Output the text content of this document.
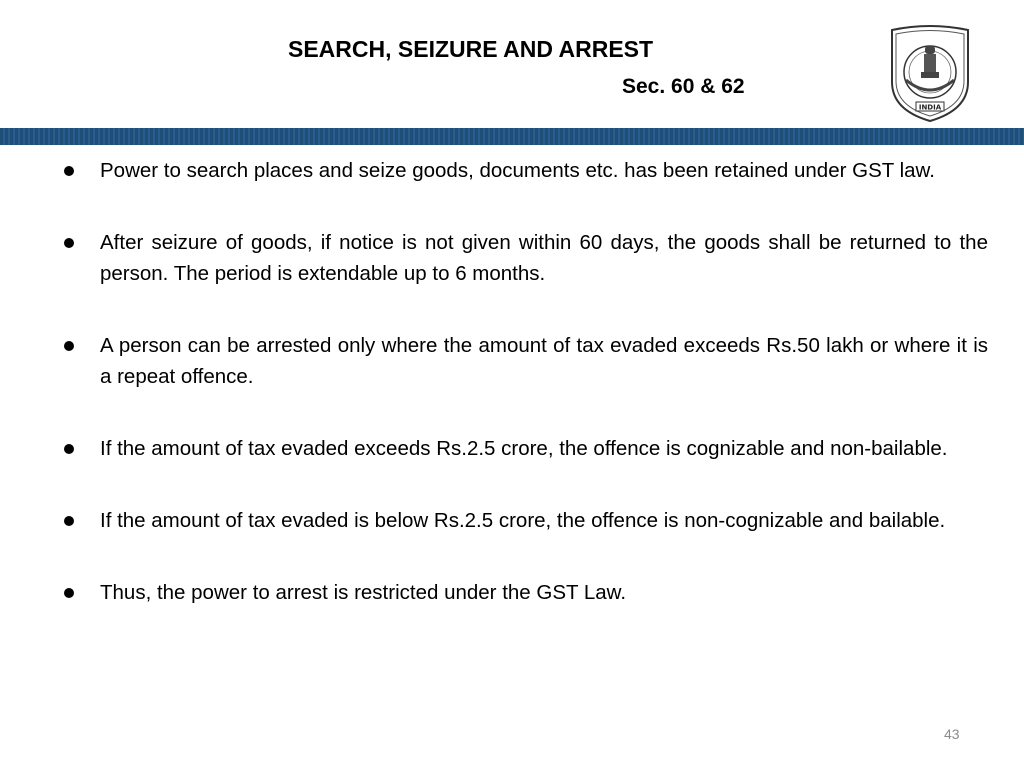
SEARCH, SEIZURE AND ARREST
Sec. 60 & 62
INDIA
Power to search places and seize goods, documents etc. has been retained under GST law.
After seizure of goods, if notice is not given within 60 days, the goods shall be returned to the person. The period is extendable up to 6 months.
A person can be arrested only where the amount of tax evaded exceeds Rs.50 lakh or where it is a repeat offence.
If the amount of tax evaded exceeds Rs.2.5 crore, the offence is cognizable and non-bailable.
If the amount of tax evaded is below Rs.2.5 crore, the offence is non-cognizable and bailable.
Thus, the power to arrest is restricted under the GST Law.
43
